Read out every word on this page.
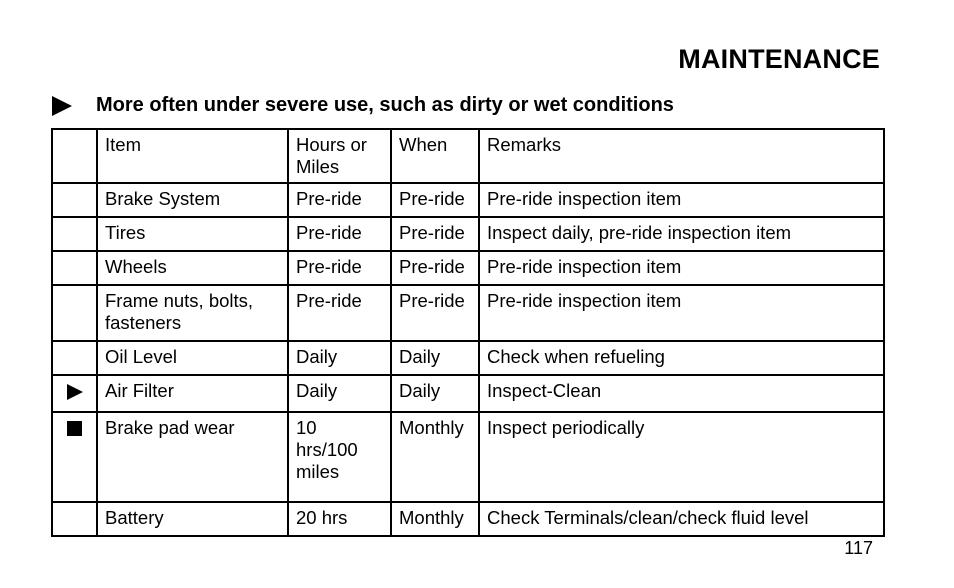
MAINTENANCE
More often under severe use, such as dirty or wet conditions
	Item	Hours or Miles	When	Remarks
	Brake System	Pre-ride	Pre-ride	Pre-ride inspection item
	Tires	Pre-ride	Pre-ride	Inspect daily, pre-ride inspection item
	Wheels	Pre-ride	Pre-ride	Pre-ride inspection item

	Frame nuts, bolts, fasteners	Pre-ride	Pre-ride	Pre-ride inspection item
	Oil Level	Daily	Daily	Check when refueling
	Air Filter	Daily	Daily	Inspect-Clean
	Brake pad wear	10 hrs/100 miles	Monthly	Inspect periodically
	Battery	20 hrs	Monthly	Check Terminals/clean/check fluid level
117
